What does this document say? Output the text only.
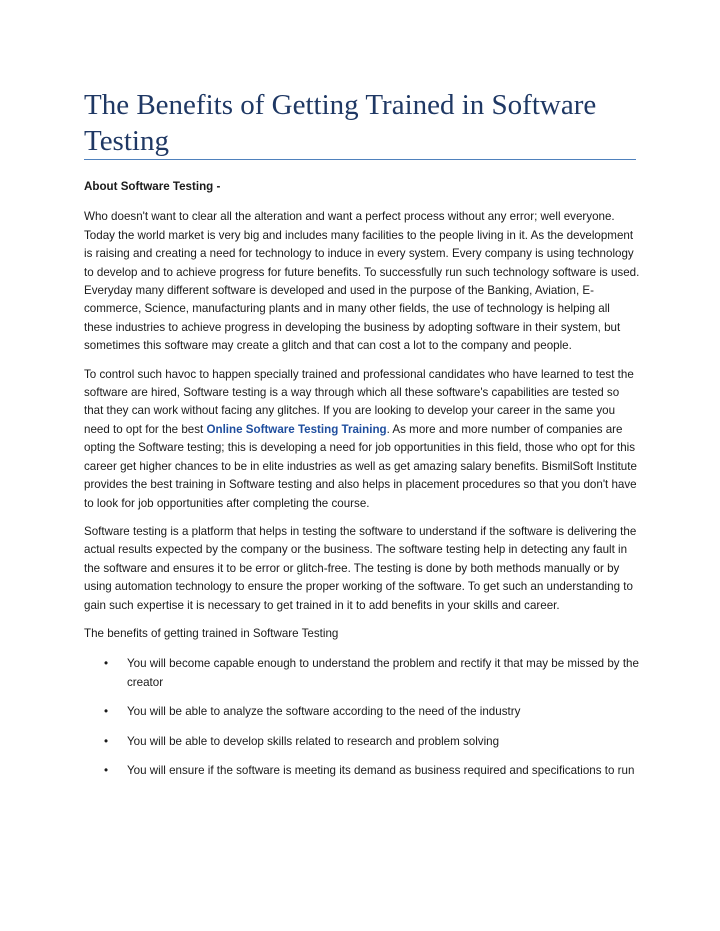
The Benefits of Getting Trained in Software Testing

About Software Testing -

Who doesn't want to clear all the alteration and want a perfect process without any error; well everyone. Today the world market is very big and includes many facilities to the people living in it. As the development is raising and creating a need for technology to induce in every system. Every company is using technology to develop and to achieve progress for future benefits. To successfully run such technology software is used. Everyday many different software is developed and used in the purpose of the Banking, Aviation, E-commerce, Science, manufacturing plants and in many other fields, the use of technology is helping all these industries to achieve progress in developing the business by adopting software in their system, but sometimes this software may create a glitch and that can cost a lot to the company and people.

To control such havoc to happen specially trained and professional candidates who have learned to test the software are hired, Software testing is a way through which all these software's capabilities are tested so that they can work without facing any glitches. If you are looking to develop your career in the same you need to opt for the best Online Software Testing Training. As more and more number of companies are opting the Software testing; this is developing a need for job opportunities in this field, those who opt for this career get higher chances to be in elite industries as well as get amazing salary benefits. BismilSoft Institute provides the best training in Software testing and also helps in placement procedures so that you don't have to look for job opportunities after completing the course.

Software testing is a platform that helps in testing the software to understand if the software is delivering the actual results expected by the company or the business. The software testing help in detecting any fault in the software and ensures it to be error or glitch-free. The testing is done by both methods manually or by using automation technology to ensure the proper working of the software. To get such an understanding to gain such expertise it is necessary to get trained in it to add benefits in your skills and career.

The benefits of getting trained in Software Testing

• You will become capable enough to understand the problem and rectify it that may be missed by the creator
• You will be able to analyze the software according to the need of the industry
• You will be able to develop skills related to research and problem solving
• You will ensure if the software is meeting its demand as business required and specifications to run
